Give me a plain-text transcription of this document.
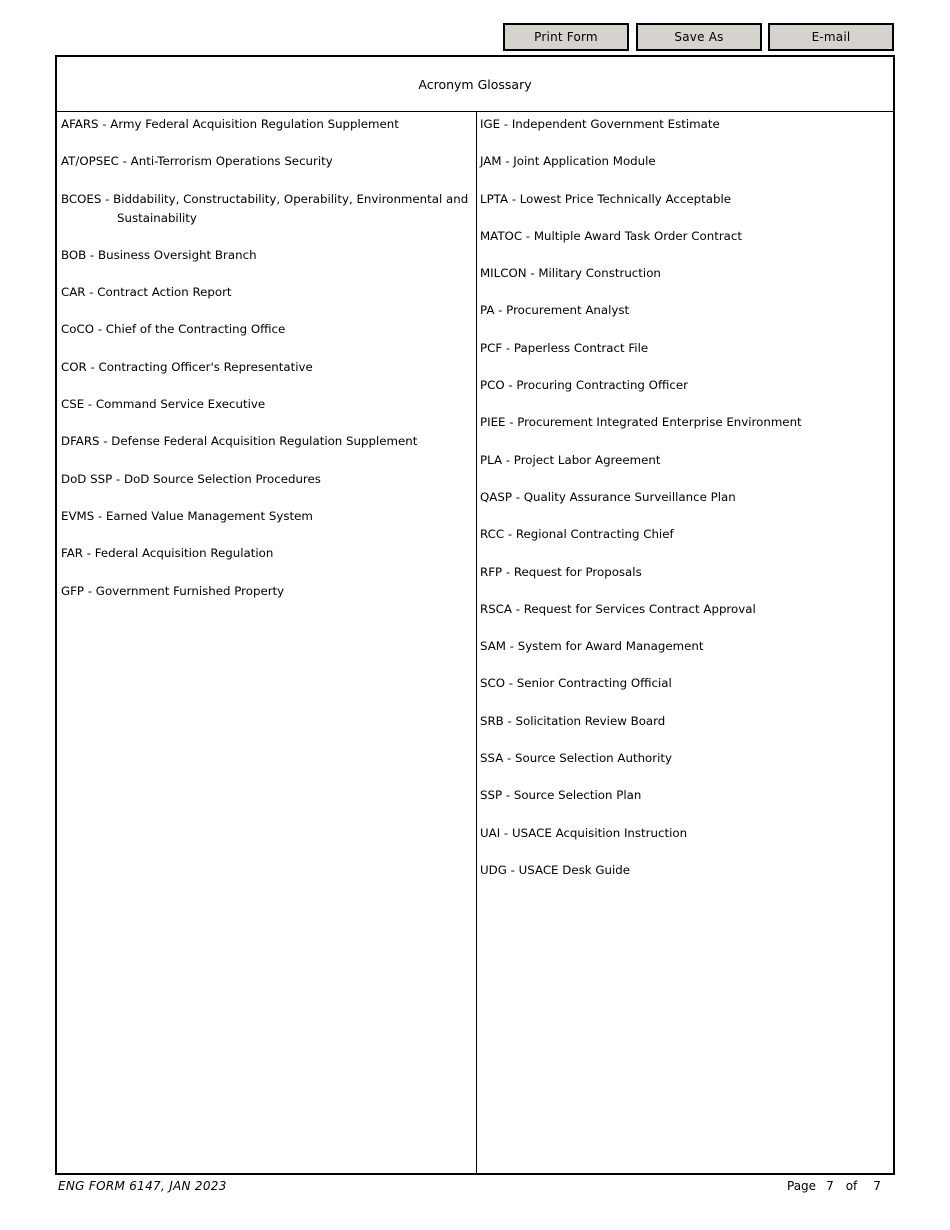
Print Form	Save As	E-mail
Acronym Glossary
AFARS - Army Federal Acquisition Regulation Supplement
AT/OPSEC - Anti-Terrorism Operations Security
BCOES - Biddability, Constructability, Operability, Environmental and Sustainability
BOB - Business Oversight Branch
CAR - Contract Action Report
CoCO - Chief of the Contracting Office
COR - Contracting Officer's Representative
CSE - Command Service Executive
DFARS - Defense Federal Acquisition Regulation Supplement
DoD SSP - DoD Source Selection Procedures
EVMS - Earned Value Management System
FAR - Federal Acquisition Regulation
GFP - Government Furnished Property
IGE - Independent Government Estimate
JAM - Joint Application Module
LPTA - Lowest Price Technically Acceptable
MATOC - Multiple Award Task Order Contract
MILCON - Military Construction
PA - Procurement Analyst
PCF - Paperless Contract File
PCO - Procuring Contracting Officer
PIEE - Procurement Integrated Enterprise Environment
PLA - Project Labor Agreement
QASP - Quality Assurance Surveillance Plan
RCC - Regional Contracting Chief
RFP - Request for Proposals
RSCA - Request for Services Contract Approval
SAM - System for Award Management
SCO - Senior Contracting Official
SRB - Solicitation Review Board
SSA - Source Selection Authority
SSP - Source Selection Plan
UAI - USACE Acquisition Instruction
UDG - USACE Desk Guide
ENG FORM 6147, JAN 2023	Page 7 of 7
